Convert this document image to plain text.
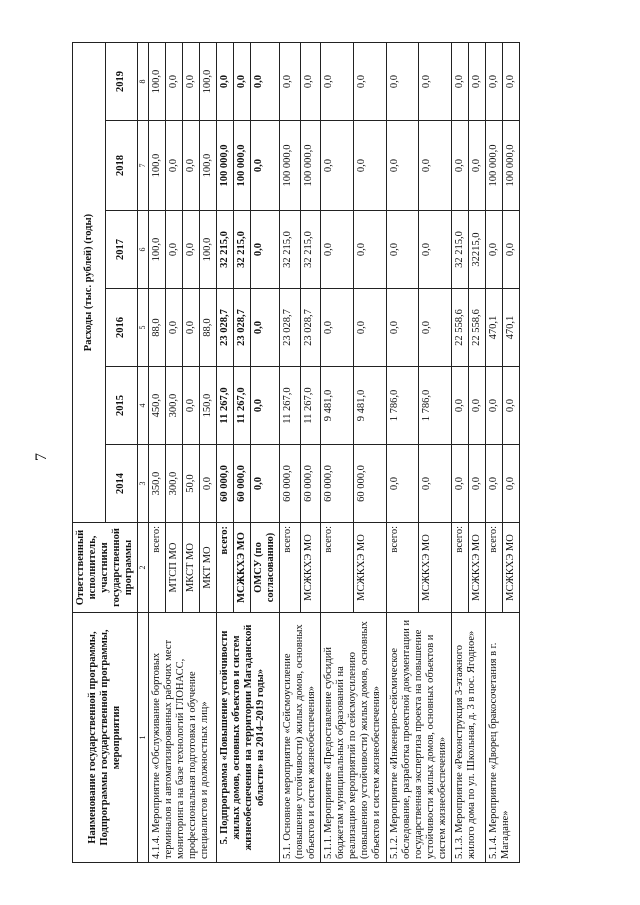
7
Наименование государственной программы, Подпрограммы государственной программы, мероприятия	Ответственный исполнитель, участники государственной программы	Расходы (тыс. рублей) (годы)					
		2014	2015	2016	2017	2018	2019
1	2	3	4	5	6	7	8
4.1.4. Мероприятие «Обслуживание бортовых терминалов и автоматизированных рабочих мест мониторинга на базе технологий ГЛОНАСС, профессиональная подготовка и обучение специалистов и должностных лиц»	всего:	350,0	450,0	88,0	100,0	100,0	100,0
	МТСП МО	300,0	300,0	0,0	0,0	0,0	0,0
	МКСТ МО	50,0	0,0	0,0	0,0	0,0	0,0
	МКТ МО	0,0	150,0	88,0	100,0	100,0	100,0
5. Подпрограмма «Повышение устойчивости жилых домов, основных объектов и систем жизнеобеспечения на территории Магаданской области» на 2014–2019 годы»	всего:	60 000,0	11 267,0	23 028,7	32 215,0	100 000,0	0,0
	МСЖКХЭ МО	60 000,0	11 267,0	23 028,7	32 215,0	100 000,0	0,0
	ОМСУ (по согласованию)	0,0	0,0	0,0	0,0	0,0	0,0
5.1. Основное мероприятие «Сейсмоусиление (повышение устойчивости) жилых домов, основных объектов и систем жизнеобеспечения»	всего:	60 000,0	11 267,0	23 028,7	32 215,0	100 000,0	0,0
	МСЖКХЭ МО	60 000,0	11 267,0	23 028,7	32 215,0	100 000,0	0,0
5.1.1. Мероприятие «Предоставление субсидий бюджетам муниципальных образований на реализацию мероприятий по сейсмоусилению (повышению устойчивости) жилых домов, основных объектов и систем жизнеобеспечения»	всего:	60 000,0	9 481,0	0,0	0,0	0,0	0,0
	МСЖКХЭ МО	60 000,0	9 481,0	0,0	0,0	0,0	0,0
5.1.2. Мероприятие «Инженерно-сейсмическое обследование, разработка проектной документации и государственная экспертиза проекта на повышение устойчивости жилых домов, основных объектов и систем жизнеобеспечения»	всего:	0,0	1 786,0	0,0	0,0	0,0	0,0
	МСЖКХЭ МО	0,0	1 786,0	0,0	0,0	0,0	0,0
5.1.3. Мероприятие «Реконструкция 3-этажного жилого дома по ул. Школьная, д. 3 в пос. Ягодное»	всего:	0,0	0,0	22 558,6	32 215,0	0,0	0,0
	МСЖКХЭ МО	0,0	0,0	22 558,6	32215,0	0,0	0,0
5.1.4. Мероприятие «Дворец бракосочетания в г. Магадане»	всего:	0,0	0,0	470,1	0,0	100 000,0	0,0
	МСЖКХЭ МО	0,0	0,0	470,1	0,0	100 000,0	0,0
